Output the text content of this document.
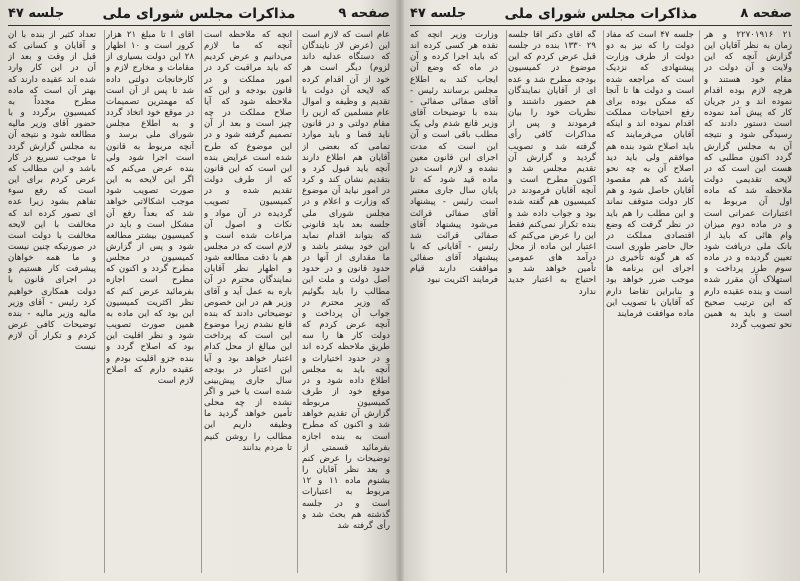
جلسه ۴۷	مذاکرات مجلس شورای ملی	صفحه ۹

عام است که لازم است این (عرض لاز نایندگان که دستگاه عدلیه داند لزوم) دیگر است هر خود از آن اقدام کرده که لایحه آن دولت با تقدیم و وظیفه و اموال عام مسلمین که ازین را مقام دولتی و در قانون ناید قضا و باید موارد تمامی که بعضی از آقایان هم اطلاع دارند آنچه باید قبول کرد و بتقدیم نشان کند و کرد در امور نیاید آن موضوع که وزارت و اعلام و در مجلس شورای ملی جلسه بعد باید قانونی که بتواند اقدام نماید این خود بیشتر باشد و ما مقداری از آنها در حدود قانون و در حدود اصل دولت و ملت این مطالب را باید بگوئیم که وزیر محترم در جواب آن پرداخت و آنچه عرض کردم که دولت کار ها را سه طریق ملاحظه کرده اند و در حدود اختیارات و آنچه باید به مجلس اطلاع داده شود و در موقع خود از طرف کمیسیون مربوطه گزارش آن تقدیم خواهد شد و اکنون که مطرح است به بنده اجازه بفرمائید قسمتی از توضیحات را عرض کنم و بعد نظر آقایان را بشنوم ماده ۱۱ و ۱۲ مربوط به اعتبارات است و در جلسه گذشته هم بحث شد و رأی گرفته شد

آنچه که ملاحظه است آنچه که ما لازم می‌دانیم و عرض کردیم که باید مراقبت کرد در امور مملکت و در قانون بودجه و این که ملاحظه شود که آیا صلاح مملکت در چه چیز است و بعد از آن تصمیم گرفته شود و در این موضوع که طرح شده است عرایض بنده این است که این قانون که از طرف دولت تقدیم شده و در کمیسیون تصویب گردیده در آن مواد و نکات و اصول آن مراعات شده است و لازم است که در مجلس هم با دقت مطالعه شود و اظهار نظر آقایان نمایندگان محترم در آن باره به عمل آید و آقای وزیر هم در این خصوص توضیحاتی دادند که بنده قانع نشدم زیرا موضوع این است که پرداخت این مبالغ از محل کدام اعتبار خواهد بود و آیا این اعتبار در بودجه سال جاری پیش‌بینی شده است یا خیر و اگر نشده از چه محلی تأمین خواهد گردید ما وظیفه داریم این مطالب را روشن کنیم تا مردم بدانند

آقای آ تا مبلغ ۲۱ هزار کرور است و ۱۰ اظهار ۲۸ این دولت بسیاری از مقامات و مخارج لازم و کارخانجات دولتی داده شد تا پس از آن است که مهمترین تصمیمات در موقع خود اتخاذ گردد و به اطلاع مجلس شورای ملی برسد و آنچه مربوط به قانون است اجرا شود ولی بنده عرض می‌کنم که اگر این لایحه به این صورت تصویب شود موجب اشکالاتی خواهد شد که بعداً رفع آن مشکل است و باید در کمیسیون بیشتر مطالعه شود و پس از گزارش کمیسیون در مجلس مطرح گردد و اکنون که مطرح است اجازه بفرمائید عرض کنم که نظر اکثریت کمیسیون این بود که این ماده به همین صورت تصویب شود و نظر اقلیت این بود که اصلاح گردد و بنده جزو اقلیت بودم و عقیده دارم که اصلاح لازم است

تعداد کثیر از بنده با آن و آقایان و کسانی که قبل از وقت و بعد از آن در این کار وارد شده اند عقیده دارند که بهتر آن است که ماده مطرح مجدداً به کمیسیون برگردد و با حضور آقای وزیر مالیه مطالعه شود و نتیجه آن به مجلس گزارش گردد تا موجب تسریع در کار باشد و این مطالب که عرض کردم برای این است که رفع سوء تفاهم بشود زیرا عده ای تصور کرده اند که مخالفت با این لایحه مخالفت با دولت است در صورتیکه چنین نیست و ما همه خواهان پیشرفت کار هستیم و در اجرای قانون با دولت همکاری خواهیم کرد رئیس - آقای وزیر مالیه وزیر مالیه - بنده توضیحات کافی عرض کردم و تکرار آن لازم نیست

جلسه ۴۷	مذاکرات مجلس شورای ملی	صفحه ۸

۲۱ ۲۲۷۰۱۹۱۶ و هر زمان به نظر آقایان این گزارش آنچه که این ولایت و آن دولت در مقام خود هستند و هرچه لازم بوده اقدام نموده اند و در جریان کار که پیش آمد نموده است دستور دادند که رسیدگی شود و نتیجه آن به مجلس گزارش گردد اکنون مطلبی که هست این است که در لایحه تقدیمی دولت ملاحظه شد که ماده اول آن مربوط به اعتبارات عمرانی است و در ماده دوم میزان وام هائی که باید از بانک ملی دریافت شود تعیین گردیده و در ماده سوم طرز پرداخت و استهلاک آن مقرر شده است و بنده عقیده دارم که این ترتیب صحیح است و باید به همین نحو تصویب گردد

جلسه ۴۷ است که مفاد دولت را که نیز به دو دولت از طرف وزارت پیشنهادی که نزدیک است که مراجعه شده است و دولت ها تا آنجا که ممکن بوده برای رفع احتیاجات مملکت اقدام نموده اند و اینکه آقایان می‌فرمایند که باید اصلاح شود بنده هم موافقم ولی باید دید اصلاح آن به چه نحو باشد که هم مقصود آقایان حاصل شود و هم کار دولت متوقف نماند و این مطلب را هم باید در نظر گرفت که وضع اقتصادی مملکت در حال حاضر طوری است که هر گونه تأخیری در اجرای این برنامه ها موجب ضرر خواهد بود و بنابراین تقاضا دارم که آقایان با تصویب این ماده موافقت فرمایند

گه آقای دکتر آقا جلسه ۲۹ ۱۳۳۰ بنده در جلسه قبل عرض کردم که این موضوع در کمیسیون بودجه مطرح شد و عده ای از آقایان نمایندگان هم حضور داشتند و نظریات خود را بیان فرمودند و پس از مذاکرات کافی رأی گرفته شد و تصویب گردید و گزارش آن تقدیم مجلس شد و اکنون مطرح است و آنچه آقایان فرمودند در کمیسیون هم گفته شده بود و جواب داده شد و بنده تکرار نمی‌کنم فقط این را عرض می‌کنم که اعتبار این ماده از محل درآمد های عمومی تأمین خواهد شد و احتیاج به اعتبار جدید ندارد

وزارت وزیر آنچه که نقده هر کسی کرده اند که باید اجرا کرده و آن در ماه که وضع آن ایجاب کند به اطلاع مجلس برسانند رئیس - آقای صفائی صفائی - بنده با توضیحات آقای وزیر قانع شدم ولی یک مطلب باقی است و آن این است که مدت اجرای این قانون معین نشده و لازم است در ماده قید شود که تا پایان سال جاری معتبر است رئیس - پیشنهاد آقای صفائی قرائت می‌شود پیشنهاد آقای صفائی قرائت شد رئیس - آقایانی که با پیشنهاد آقای صفائی موافقت دارند قیام فرمایند اکثریت نبود
